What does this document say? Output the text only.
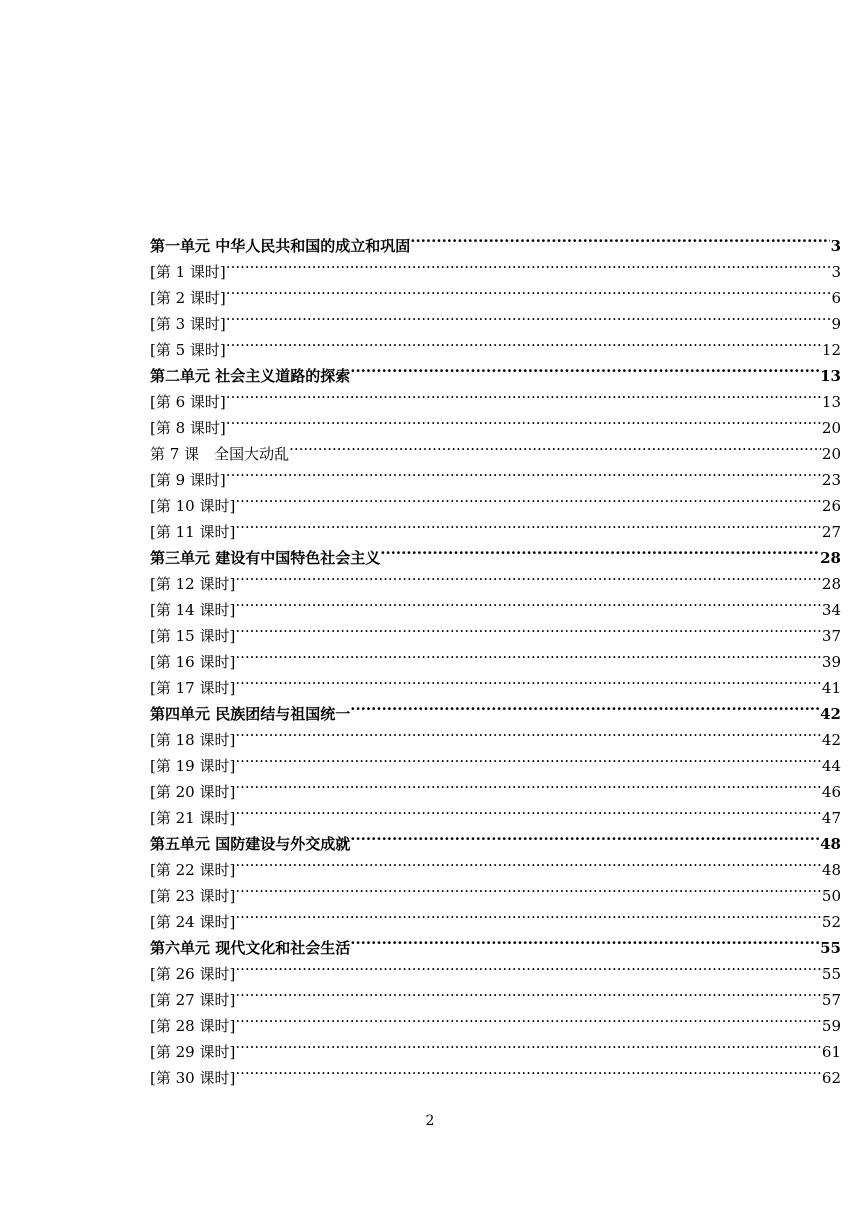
第一单元 中华人民共和国的成立和巩固 .....	3
[第 1 课时] .....	3
[第 2 课时] .....	6
[第 3 课时] .....	9
[第 5 课时] .....	12
第二单元 社会主义道路的探索 .....	13
[第 6 课时] .....	13
[第 8 课时] .....	20
第 7 课　全国大动乱 .....	20
[第 9 课时] .....	23
[第 10 课时] .....	26
[第 11 课时] .....	27
第三单元 建设有中国特色社会主义 .....	28
[第 12 课时] .....	28
[第 14 课时] .....	34
[第 15 课时] .....	37
[第 16 课时] .....	39
[第 17 课时] .....	41
第四单元 民族团结与祖国统一 .....	42
[第 18 课时] .....	42
[第 19 课时] .....	44
[第 20 课时] .....	46
[第 21 课时] .....	47
第五单元 国防建设与外交成就 .....	48
[第 22 课时] .....	48
[第 23 课时] .....	50
[第 24 课时] .....	52
第六单元 现代文化和社会生活 .....	55
[第 26 课时] .....	55
[第 27 课时] .....	57
[第 28 课时] .....	59
[第 29 课时] .....	61
[第 30 课时] .....	62
2
